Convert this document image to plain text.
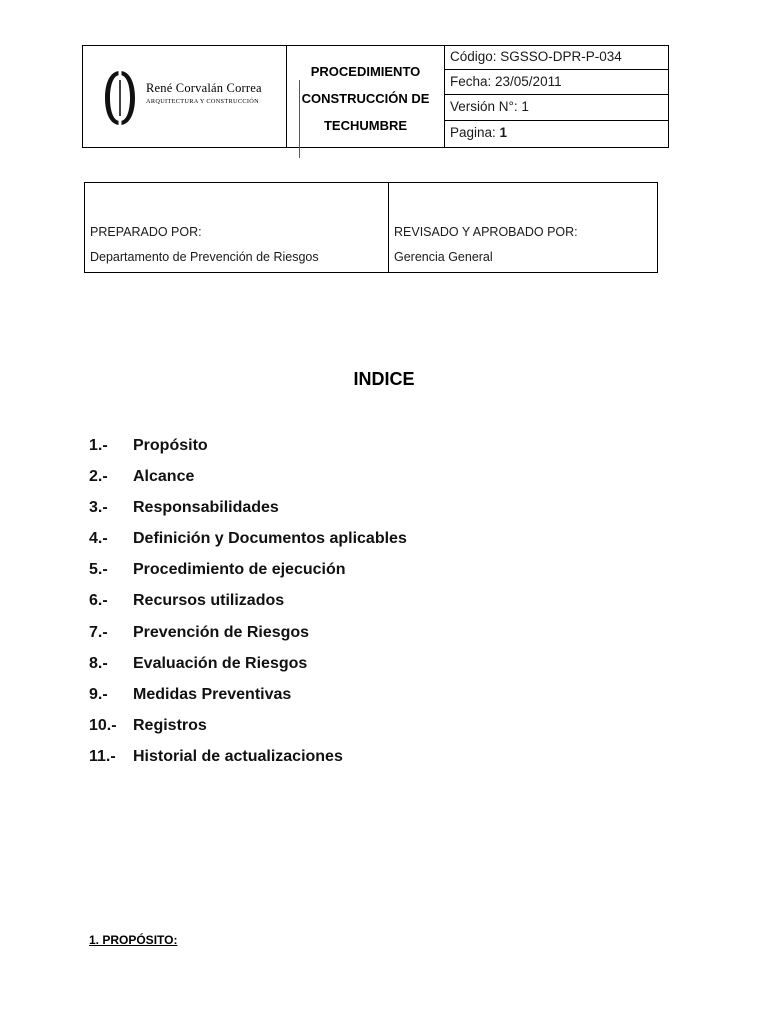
René Corvalán Correa
ARQUITECTURA Y CONSTRUCCIÓN

PROCEDIMIENTO
CONSTRUCCIÓN DE
TECHUMBRE

Código: SGSSO-DPR-P-034
Fecha: 23/05/2011
Versión N°: 1
Pagina: 1
PREPARADO POR:
Departamento de Prevención de Riesgos

REVISADO Y APROBADO POR:
Gerencia General
INDICE
1.- Propósito
2.- Alcance
3.- Responsabilidades
4.- Definición y Documentos aplicables
5.- Procedimiento de ejecución
6.- Recursos utilizados
7.- Prevención de Riesgos
8.- Evaluación de Riesgos
9.- Medidas Preventivas
10.- Registros
11.- Historial de actualizaciones
1. PROPÓSITO:
